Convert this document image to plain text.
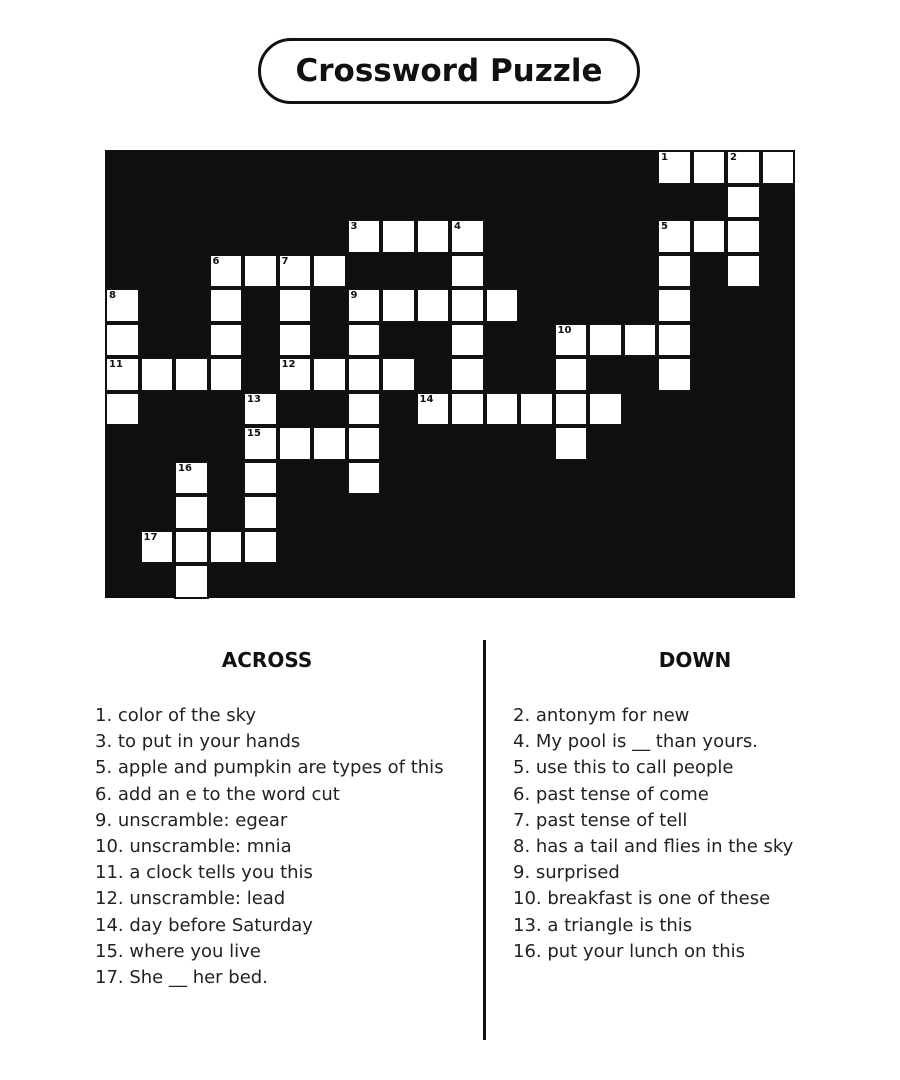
Crossword Puzzle
1	2
3	4	5
6	7
8	9
10
11	12
13	14
15
16
17
ACROSS	DOWN
1. color of the sky
3. to put in your hands
5. apple and pumpkin are types of this
6. add an e to the word cut
9. unscramble: egear
10. unscramble: mnia
11. a clock tells you this
12. unscramble: lead
14. day before Saturday
15. where you live
17. She __ her bed.
2. antonym for new
4. My pool is __ than yours.
5. use this to call people
6. past tense of come
7. past tense of tell
8. has a tail and flies in the sky
9. surprised
10. breakfast is one of these
13. a triangle is this
16. put your lunch on this
